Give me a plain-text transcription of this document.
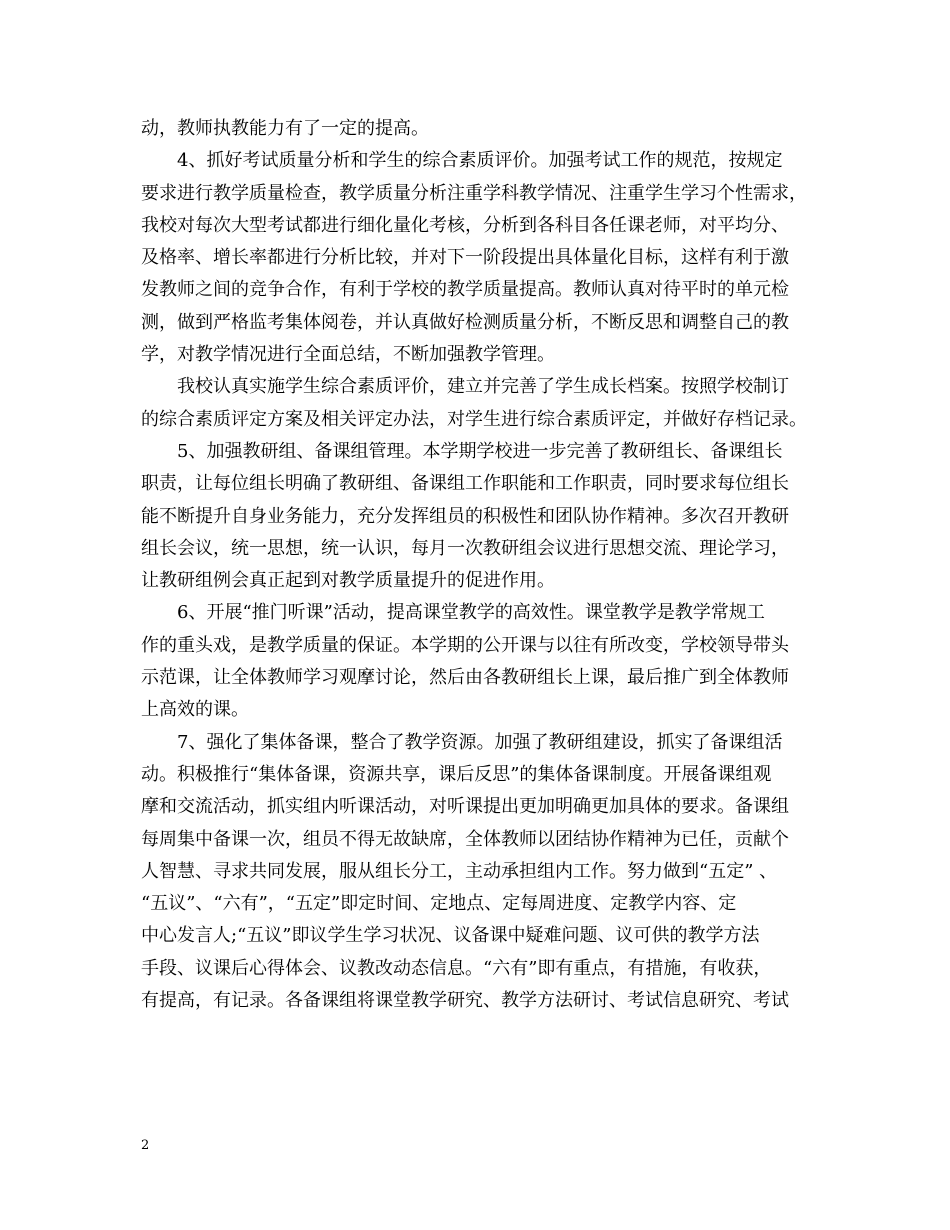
动，教师执教能力有了一定的提高。
4、抓好考试质量分析和学生的综合素质评价。加强考试工作的规范，按规定
要求进行教学质量检查，教学质量分析注重学科教学情况、注重学生学习个性需求，
我校对每次大型考试都进行细化量化考核，分析到各科目各任课老师，对平均分、
及格率、增长率都进行分析比较，并对下一阶段提出具体量化目标，这样有利于激
发教师之间的竞争合作，有利于学校的教学质量提高。教师认真对待平时的单元检
测，做到严格监考集体阅卷，并认真做好检测质量分析，不断反思和调整自己的教
学，对教学情况进行全面总结，不断加强教学管理。
我校认真实施学生综合素质评价，建立并完善了学生成长档案。按照学校制订
的综合素质评定方案及相关评定办法，对学生进行综合素质评定，并做好存档记录。
5、加强教研组、备课组管理。本学期学校进一步完善了教研组长、备课组长
职责，让每位组长明确了教研组、备课组工作职能和工作职责，同时要求每位组长
能不断提升自身业务能力，充分发挥组员的积极性和团队协作精神。多次召开教研
组长会议，统一思想，统一认识，每月一次教研组会议进行思想交流、理论学习，
让教研组例会真正起到对教学质量提升的促进作用。
6、开展“推门听课”活动，提高课堂教学的高效性。课堂教学是教学常规工
作的重头戏，是教学质量的保证。本学期的公开课与以往有所改变，学校领导带头
示范课，让全体教师学习观摩讨论，然后由各教研组长上课，最后推广到全体教师
上高效的课。
7、强化了集体备课，整合了教学资源。加强了教研组建设，抓实了备课组活
动。积极推行“集体备课，资源共享，课后反思”的集体备课制度。开展备课组观
摩和交流活动，抓实组内听课活动，对听课提出更加明确更加具体的要求。备课组
每周集中备课一次，组员不得无故缺席，全体教师以团结协作精神为已任，贡献个
人智慧、寻求共同发展，服从组长分工，主动承担组内工作。努力做到“五定” 、
“五议”、“六有”，“五定”即定时间、定地点、定每周进度、定教学内容、定
中心发言人;“五议”即议学生学习状况、议备课中疑难问题、议可供的教学方法
手段、议课后心得体会、议教改动态信息。“六有”即有重点，有措施，有收获，
有提高，有记录。各备课组将课堂教学研究、教学方法研讨、考试信息研究、考试
2
